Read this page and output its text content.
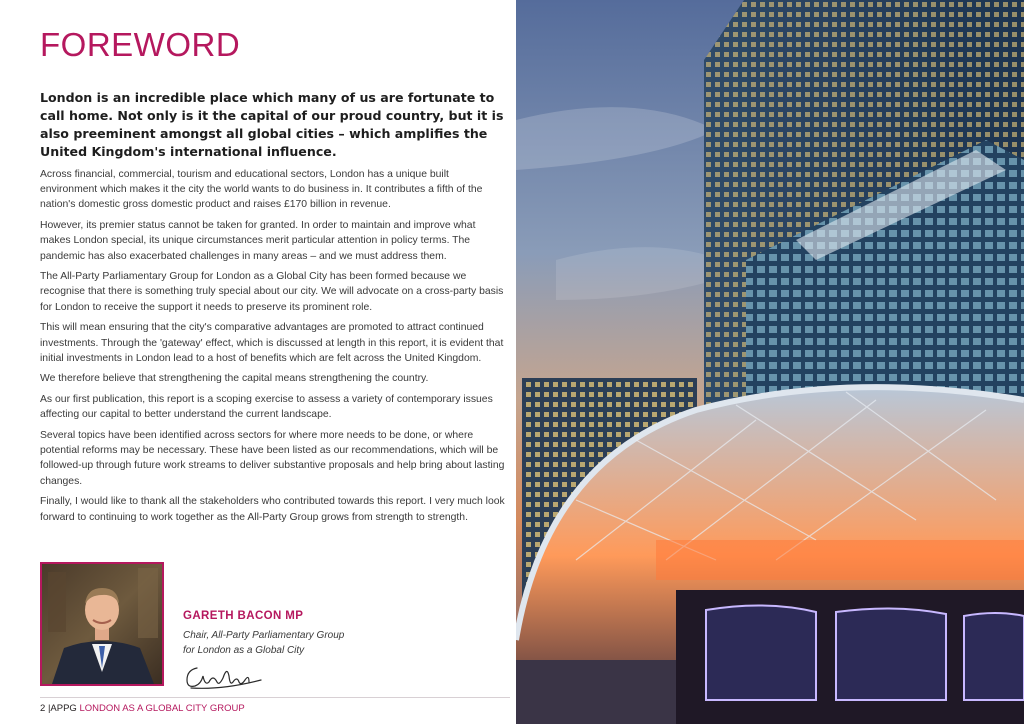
FOREWORD

London is an incredible place which many of us are fortunate to call home. Not only is it the capital of our proud country, but it is also preeminent amongst all global cities – which amplifies the United Kingdom's international influence.

Across financial, commercial, tourism and educational sectors, London has a unique built environment which makes it the city the world wants to do business in. It contributes a fifth of the nation's domestic gross domestic product and raises £170 billion in revenue.

However, its premier status cannot be taken for granted. In order to maintain and improve what makes London special, its unique circumstances merit particular attention in policy terms. The pandemic has also exacerbated challenges in many areas – and we must address them.

The All-Party Parliamentary Group for London as a Global City has been formed because we recognise that there is something truly special about our city. We will advocate on a cross-party basis for London to receive the support it needs to preserve its prominent role.

This will mean ensuring that the city's comparative advantages are promoted to attract continued investments. Through the 'gateway' effect, which is discussed at length in this report, it is evident that initial investments in London lead to a host of benefits which are felt across the United Kingdom.

We therefore believe that strengthening the capital means strengthening the country.

As our first publication, this report is a scoping exercise to assess a variety of contemporary issues affecting our capital to better understand the current landscape.

Several topics have been identified across sectors for where more needs to be done, or where potential reforms may be necessary. These have been listed as our recommendations, which will be followed-up through future work streams to deliver substantive proposals and help bring about lasting changes.

Finally, I would like to thank all the stakeholders who contributed towards this report. I very much look forward to continuing to work together as the All-Party Group grows from strength to strength.

GARETH BACON MP

Chair, All-Party Parliamentary Group
for London as a Global City

2 |APPG LONDON AS A GLOBAL CITY GROUP
